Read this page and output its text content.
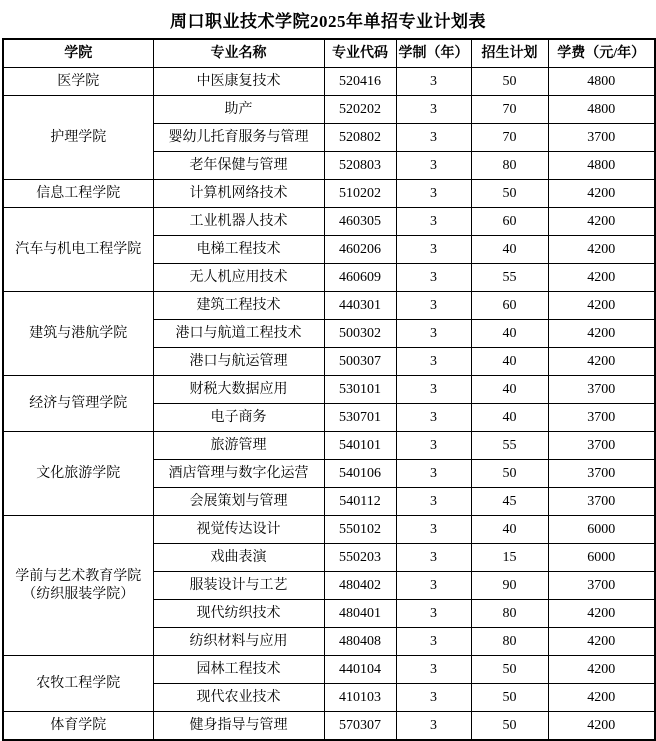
周口职业技术学院2025年单招专业计划表
学院	专业名称	专业代码	学制（年）	招生计划	学费（元/年）
医学院	中医康复技术	520416	3	50	4800
护理学院	助产	520202	3	70	4800
	婴幼儿托育服务与管理	520802	3	70	3700
	老年保健与管理	520803	3	80	4800
信息工程学院	计算机网络技术	510202	3	50	4200
汽车与机电工程学院	工业机器人技术	460305	3	60	4200
	电梯工程技术	460206	3	40	4200
	无人机应用技术	460609	3	55	4200
建筑与港航学院	建筑工程技术	440301	3	60	4200
	港口与航道工程技术	500302	3	40	4200
	港口与航运管理	500307	3	40	4200
经济与管理学院	财税大数据应用	530101	3	40	3700
	电子商务	530701	3	40	3700
文化旅游学院	旅游管理	540101	3	55	3700
	酒店管理与数字化运营	540106	3	50	3700
	会展策划与管理	540112	3	45	3700

学前与艺术教育学院
（纺织服装学院）	视觉传达设计	550102	3	40	6000
	戏曲表演	550203	3	15	6000
	服装设计与工艺	480402	3	90	3700
	现代纺织技术	480401	3	80	4200
	纺织材料与应用	480408	3	80	4200
农牧工程学院	园林工程技术	440104	3	50	4200
	现代农业技术	410103	3	50	4200
体育学院	健身指导与管理	570307	3	50	4200
